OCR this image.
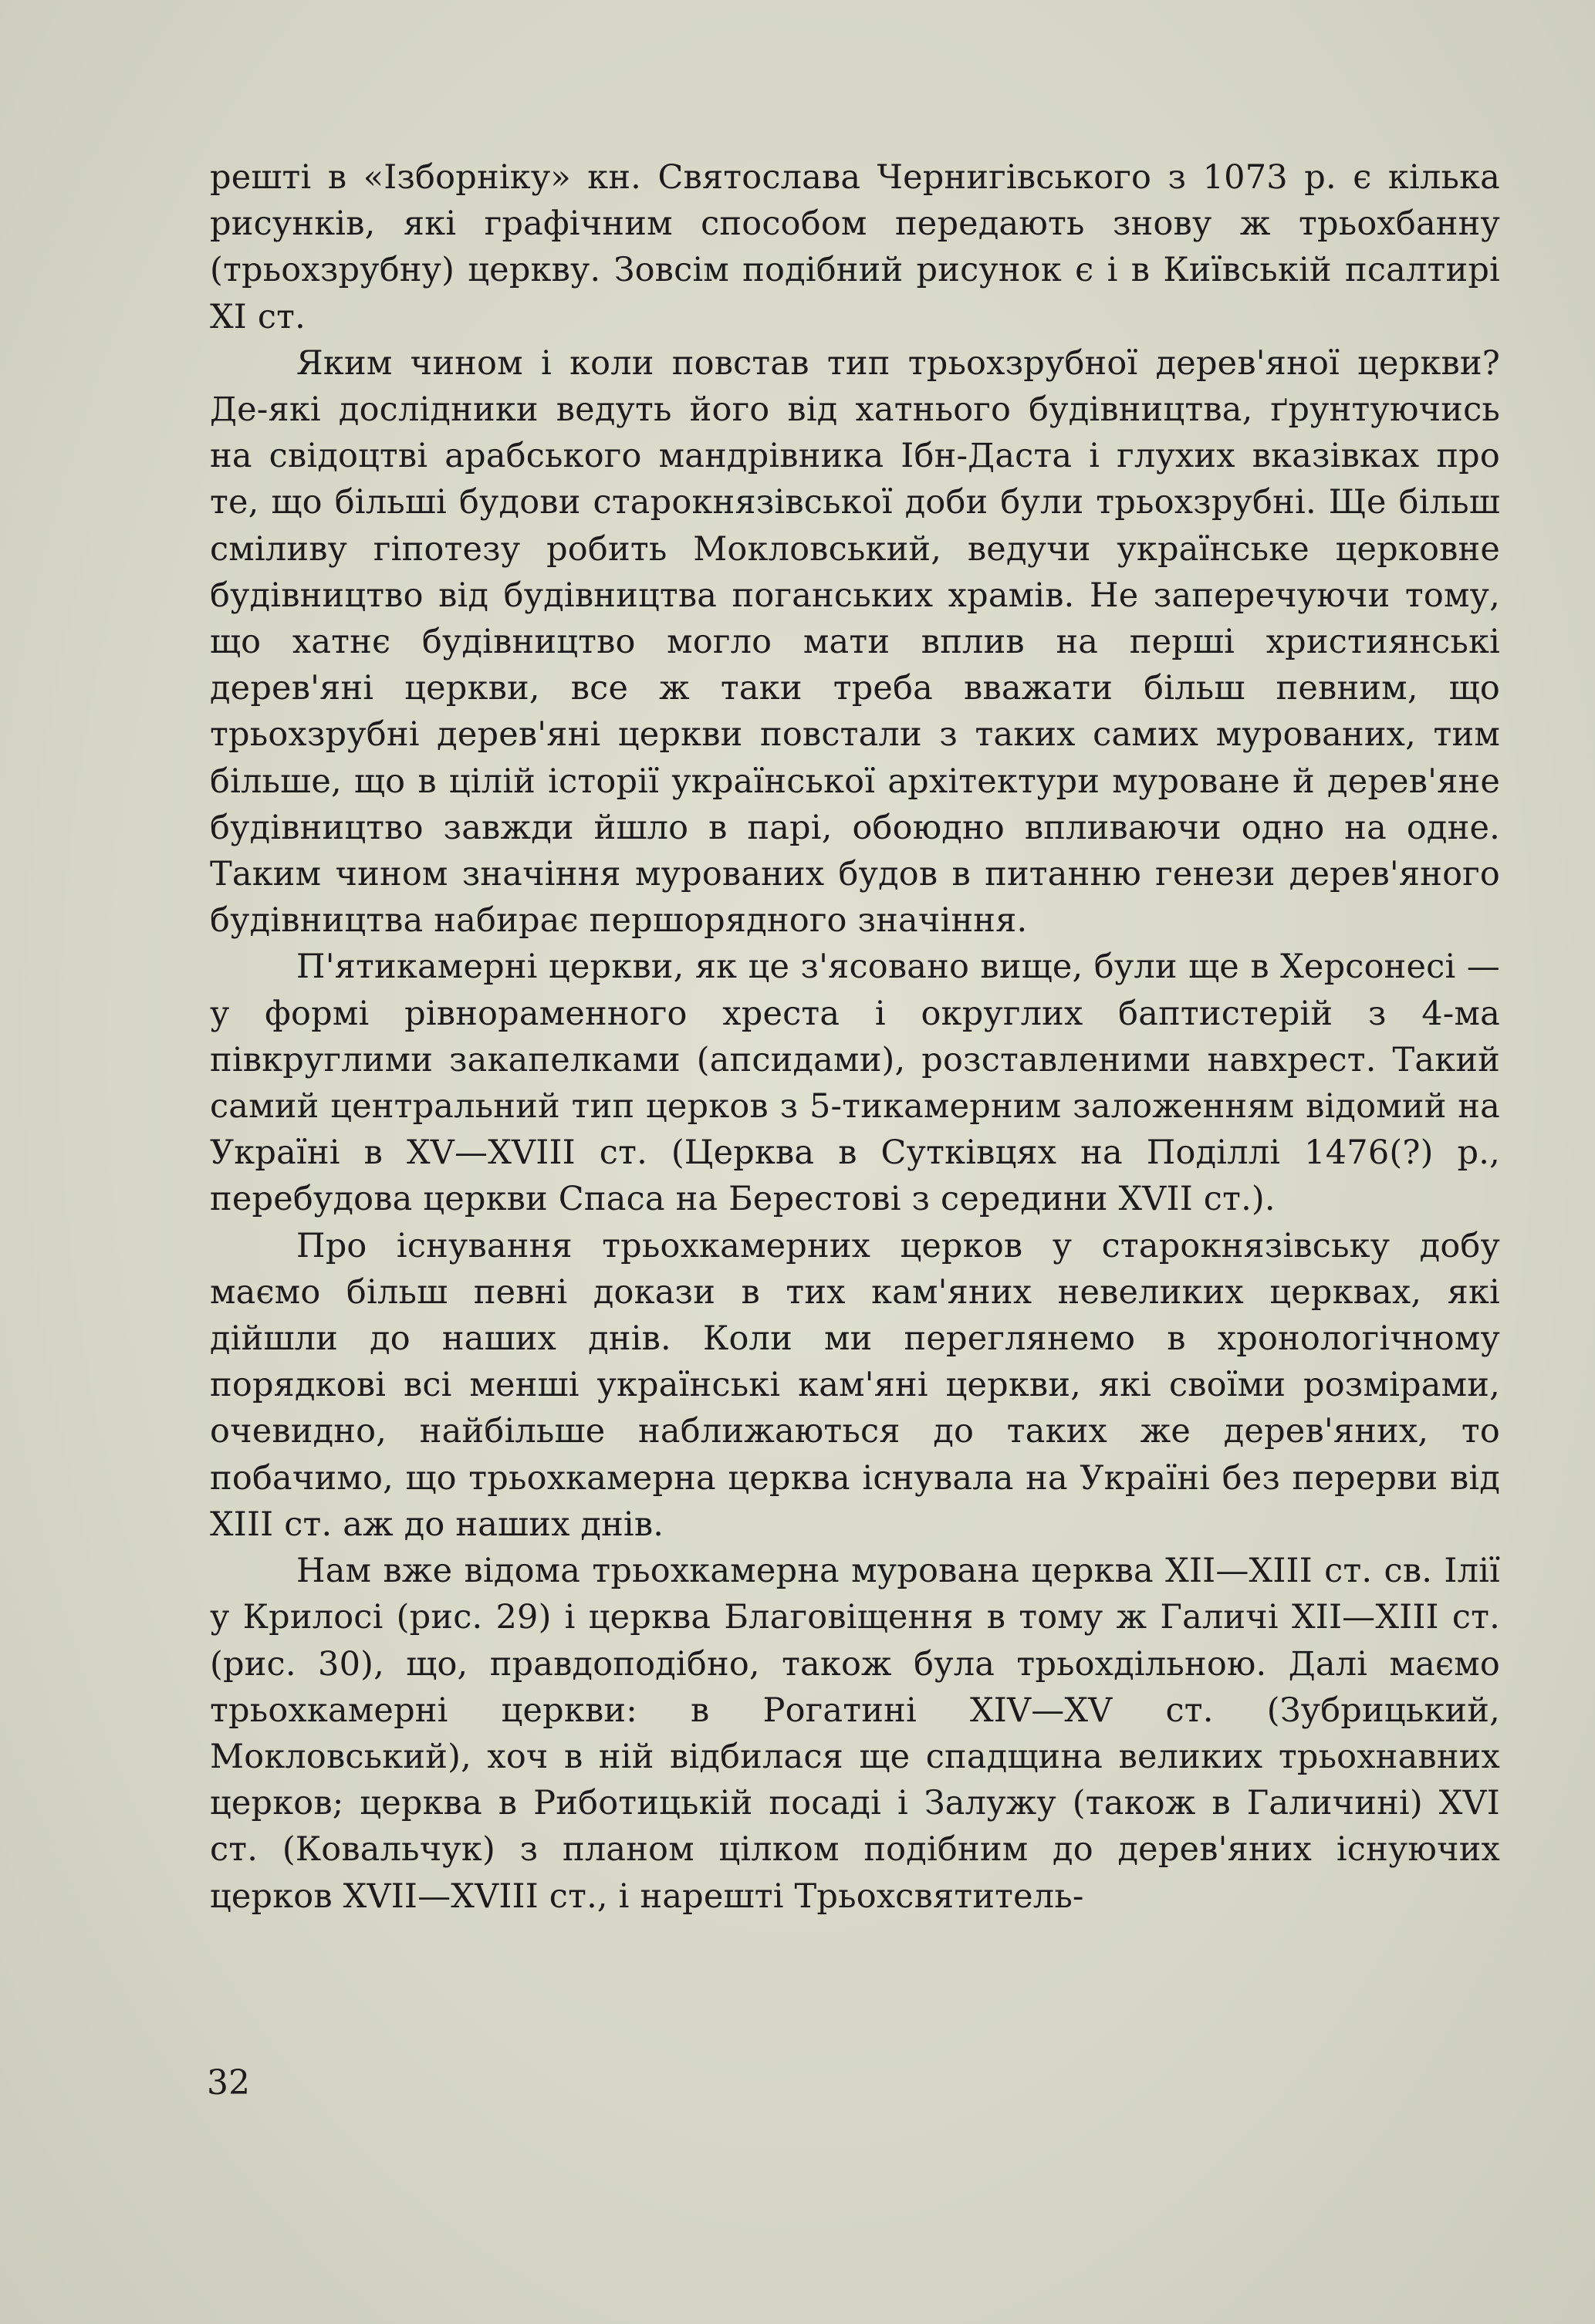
решті в «Ізборніку» кн. Святослава Чернигівського з 1073 р. є кілька рисунків, які графічним способом передають знову ж трьохбанну (трьохзрубну) церкву. Зовсім подібний рисунок є і в Київській псалтирі XI ст.

Яким чином і коли повстав тип трьохзрубної дерев'яної церкви? Де-які дослідники ведуть його від хатнього будівництва, ґрунтуючись на свідоцтві арабського мандрівника Ібн-Даста і глухих вказівках про те, що більші будови старокнязівської доби були трьохзрубні. Ще більш сміливу гіпотезу робить Мокловський, ведучи українське церковне будівництво від будівництва поганських храмів. Не заперечуючи тому, що хатнє будівництво могло мати вплив на перші християнські дерев'яні церкви, все ж таки треба вважати більш певним, що трьохзрубні дерев'яні церкви повстали з таких самих мурованих, тим більше, що в цілій історії української архітектури муроване й дерев'яне будівництво завжди йшло в парі, обоюдно впливаючи одно на одне. Таким чином значіння мурованих будов в питанню генези дерев'яного будівництва набирає першорядного значіння.

П'ятикамерні церкви, як це з'ясовано вище, були ще в Херсонесі — у формі рівнораменного хреста і округлих баптистерій з 4-ма півкруглими закапелками (апсидами), розставленими навхрест. Такий самий центральний тип церков з 5-тикамерним заложенням відомий на Україні в XV—XVIII ст. (Церква в Сутківцях на Поділлі 1476(?) р., перебудова церкви Спаса на Берестові з середини XVII ст.).

Про існування трьохкамерних церков у старокнязівську добу маємо більш певні докази в тих кам'яних невеликих церквах, які дійшли до наших днів. Коли ми переглянемо в хронологічному порядкові всі менші українські кам'яні церкви, які своїми розмірами, очевидно, найбільше наближаються до таких же дерев'яних, то побачимо, що трьохкамерна церква існувала на Україні без перерви від XIII ст. аж до наших днів.

Нам вже відома трьохкамерна мурована церква XII—XIII ст. св. Ілії у Крилосі (рис. 29) і церква Благовіщення в тому ж Галичі XII—XIII ст. (рис. 30), що, правдоподібно, також була трьохдільною. Далі маємо трьохкамерні церкви: в Рогатині XIV—XV ст. (Зубрицький, Мокловський), хоч в ній відбилася ще спадщина великих трьохнавних церков; церква в Риботицькій посаді і Залужу (також в Галичині) XVI ст. (Ковальчук) з планом цілком подібним до дерев'яних існуючих церков XVII—XVIII ст., і нарешті Трьохсвятитель-

32
